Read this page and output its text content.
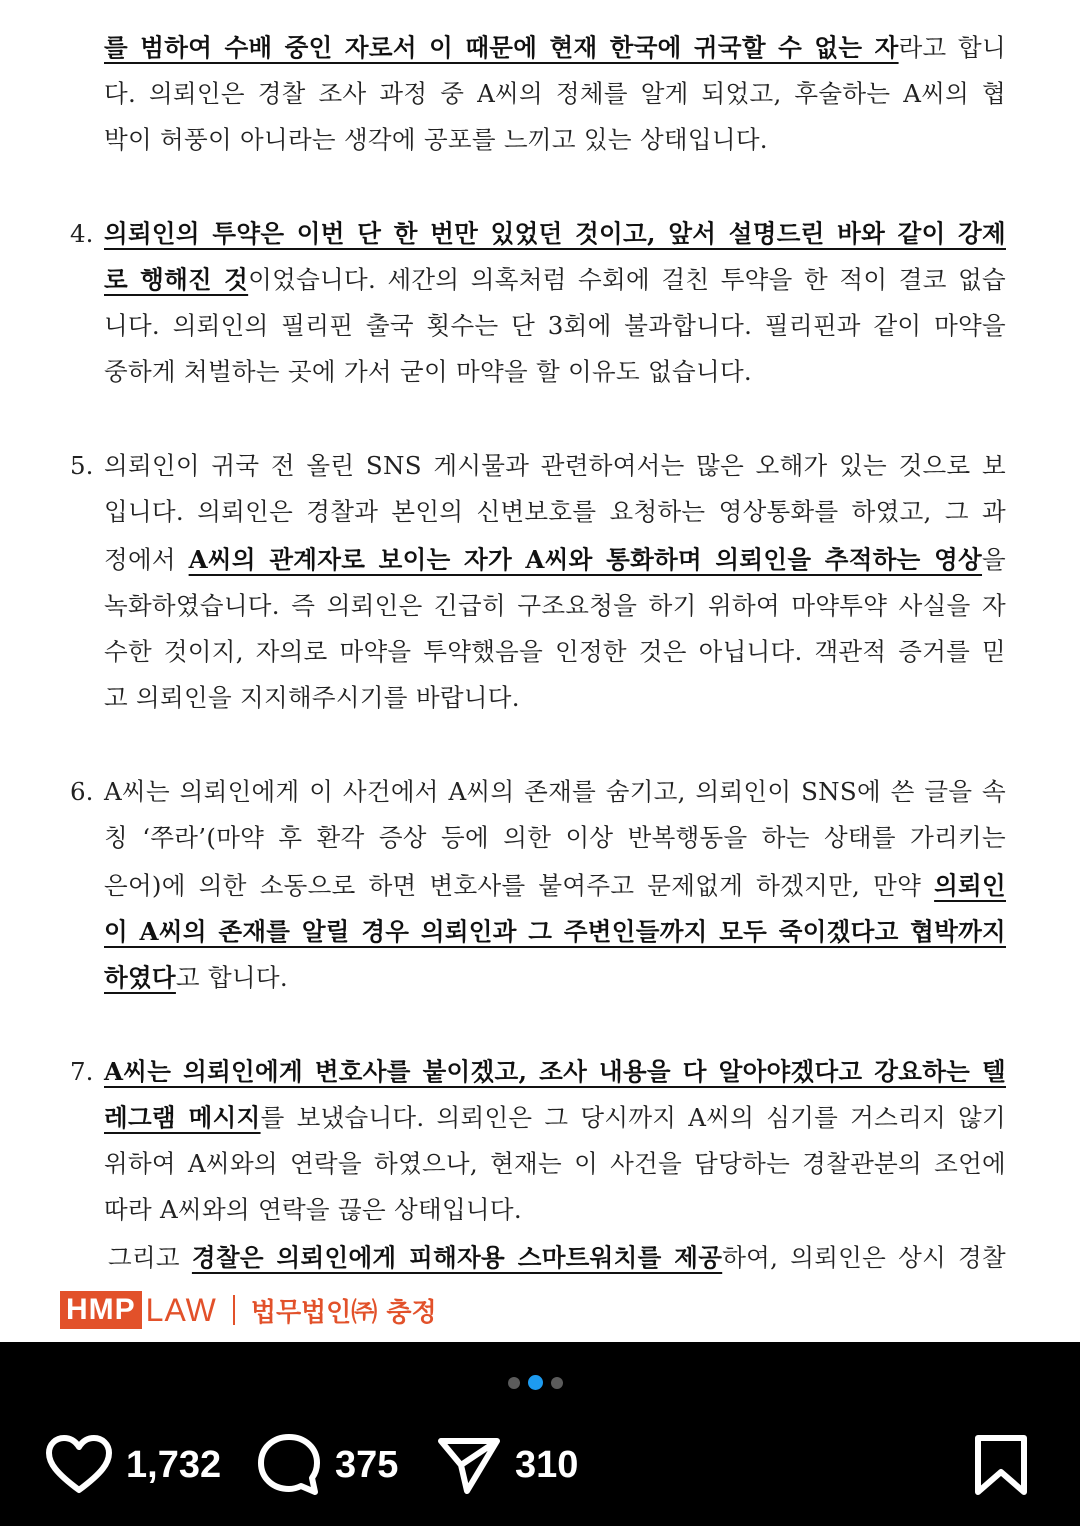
를 범하여 수배 중인 자로서 이 때문에 현재 한국에 귀국할 수 없는 자라고 합니
다. 의뢰인은 경찰 조사 과정 중 A씨의 정체를 알게 되었고, 후술하는 A씨의 협
박이 허풍이 아니라는 생각에 공포를 느끼고 있는 상태입니다.
4. 의뢰인의 투약은 이번 단 한 번만 있었던 것이고, 앞서 설명드린 바와 같이 강제
로 행해진 것이었습니다. 세간의 의혹처럼 수회에 걸친 투약을 한 적이 결코 없습
니다. 의뢰인의 필리핀 출국 횟수는 단 3회에 불과합니다. 필리핀과 같이 마약을
중하게 처벌하는 곳에 가서 굳이 마약을 할 이유도 없습니다.
5. 의뢰인이 귀국 전 올린 SNS 게시물과 관련하여서는 많은 오해가 있는 것으로 보
입니다. 의뢰인은 경찰과 본인의 신변보호를 요청하는 영상통화를 하였고, 그 과
정에서 A씨의 관계자로 보이는 자가 A씨와 통화하며 의뢰인을 추적하는 영상을
녹화하였습니다. 즉 의뢰인은 긴급히 구조요청을 하기 위하여 마약투약 사실을 자
수한 것이지, 자의로 마약을 투약했음을 인정한 것은 아닙니다. 객관적 증거를 믿
고 의뢰인을 지지해주시기를 바랍니다.
6. A씨는 의뢰인에게 이 사건에서 A씨의 존재를 숨기고, 의뢰인이 SNS에 쓴 글을 속
칭 ‘쭈라’(마약 후 환각 증상 등에 의한 이상 반복행동을 하는 상태를 가리키는
은어)에 의한 소동으로 하면 변호사를 붙여주고 문제없게 하겠지만, 만약 의뢰인
이 A씨의 존재를 알릴 경우 의뢰인과 그 주변인들까지 모두 죽이겠다고 협박까지
하였다고 합니다.
7. A씨는 의뢰인에게 변호사를 붙이겠고, 조사 내용을 다 알아야겠다고 강요하는 텔
레그램 메시지를 보냈습니다. 의뢰인은 그 당시까지 A씨의 심기를 거스리지 않기
위하여 A씨와의 연락을 하였으나, 현재는 이 사건을 담당하는 경찰관분의 조언에
따라 A씨와의 연락을 끊은 상태입니다.
그리고 경찰은 의뢰인에게 피해자용 스마트워치를 제공하여, 의뢰인은 상시 경찰
HMP LAW 법무법인㈜ 충정
1,732	375	310
